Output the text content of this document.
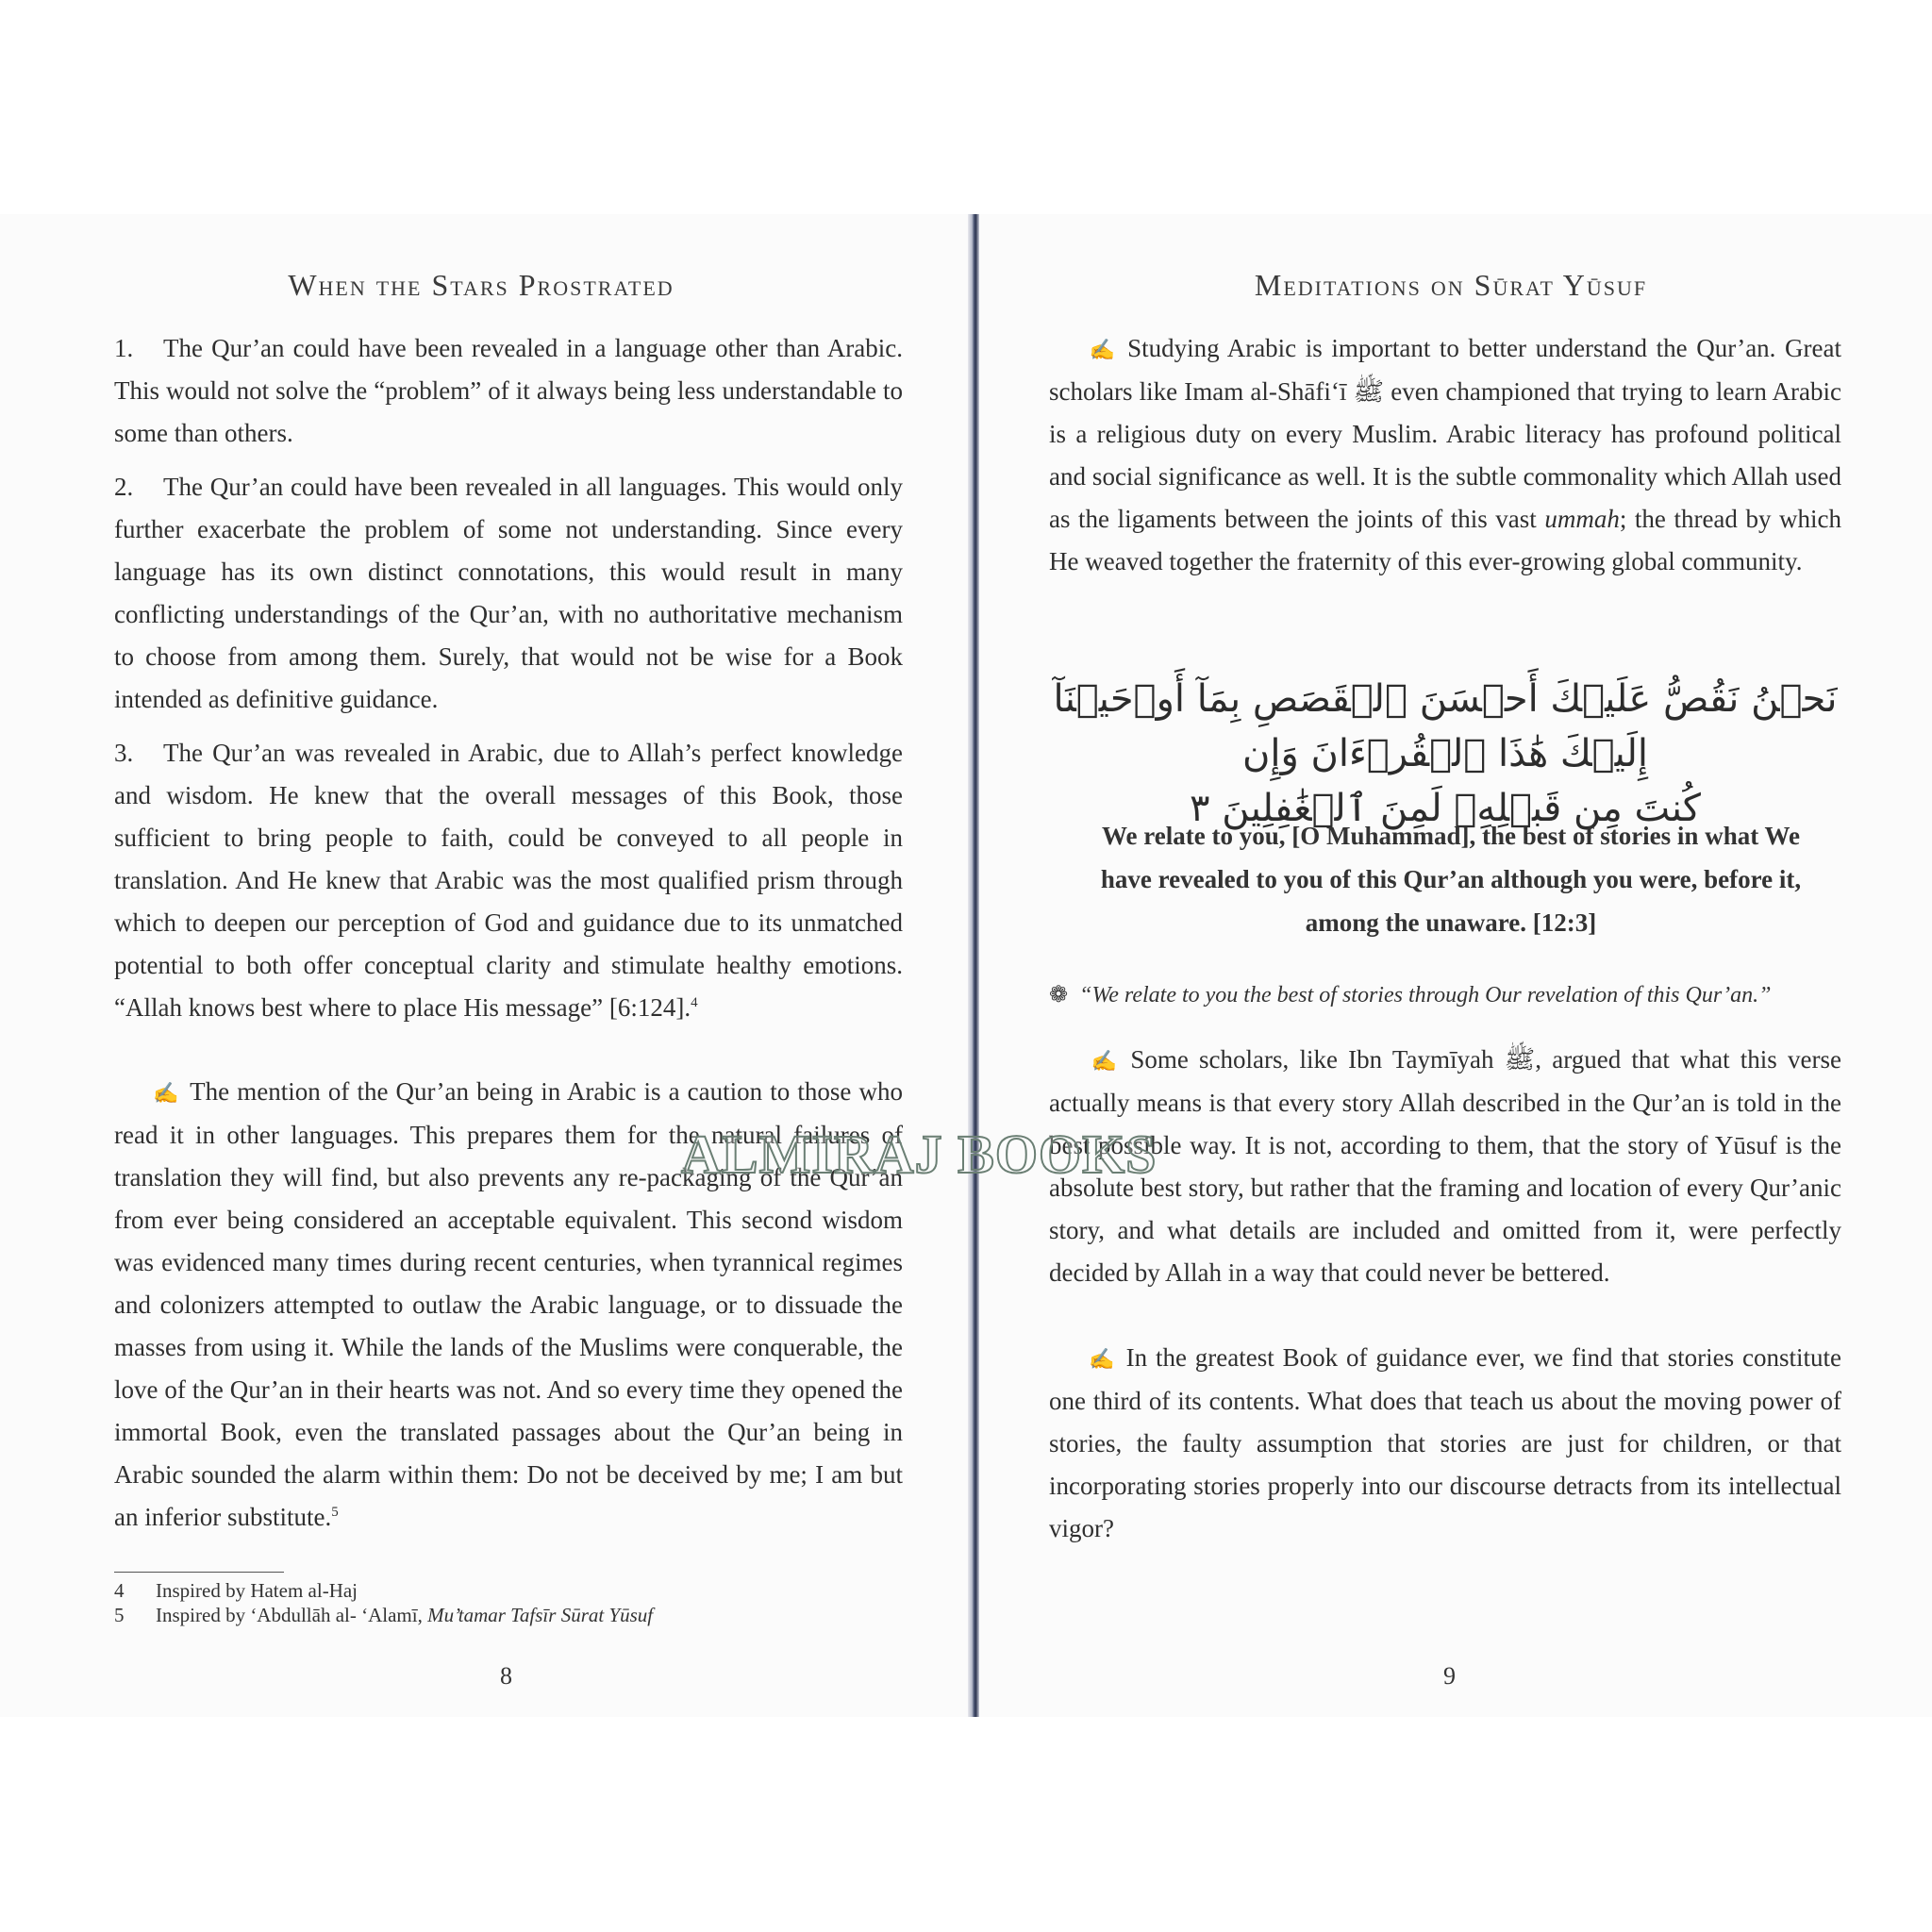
When the Stars Prostrated

1. The Qur’an could have been revealed in a language other than Arabic. This would not solve the “problem” of it always being less understandable to some than others.

2. The Qur’an could have been revealed in all languages. This would only further exacerbate the problem of some not understanding. Since every language has its own distinct connotations, this would result in many conflicting understandings of the Qur’an, with no authoritative mechanism to choose from among them. Surely, that would not be wise for a Book intended as definitive guidance.

3. The Qur’an was revealed in Arabic, due to Allah’s perfect knowledge and wisdom. He knew that the overall messages of this Book, those sufficient to bring people to faith, could be conveyed to all people in translation. And He knew that Arabic was the most qualified prism through which to deepen our perception of God and guidance due to its unmatched potential to both offer conceptual clarity and stimulate healthy emotions. “Allah knows best where to place His message” [6:124].$^4$

✍ The mention of the Qur’an being in Arabic is a caution to those who read it in other languages. This prepares them for the natural failures of translation they will find, but also prevents any re-packaging of the Qur’an from ever being considered an acceptable equivalent. This second wisdom was evidenced many times during recent centuries, when tyrannical regimes and colonizers attempted to outlaw the Arabic language, or to dissuade the masses from using it. While the lands of the Muslims were conquerable, the love of the Qur’an in their hearts was not. And so every time they opened the immortal Book, even the translated passages about the Qur’an being in Arabic sounded the alarm within them: Do not be deceived by me; I am but an inferior substitute.$^5$

4 Inspired by Hatem al-Haj
5 Inspired by ‘Abdullāh al- ‘Alamī, Mu’tamar Tafsīr Sūrat Yūsuf
8
Meditations on Sūrat Yūsuf

✍ Studying Arabic is important to better understand the Qur’an. Great scholars like Imam al-Shāfi‘ī ﷺ even championed that trying to learn Arabic is a religious duty on every Muslim. Arabic literacy has profound political and social significance as well. It is the subtle commonality which Allah used as the ligaments between the joints of this vast ummah; the thread by which He weaved together the fraternity of this ever-growing global community.

نَحۡنُ نَقُصُّ عَلَيۡكَ أَحۡسَنَ ٱلۡقَصَصِ بِمَآ أَوۡحَيۡنَآ إِلَيۡكَ هَٰذَا ٱلۡقُرۡءَانَ وَإِن
كُنتَ مِن قَبۡلِهِۦ لَمِنَ ٱلۡغَٰفِلِينَ ٣
We relate to you, [O Muhammad], the best of stories in what We have revealed to you of this Qur’an although you were, before it, among the unaware. [12:3]
❁ “We relate to you the best of stories through Our revelation of this Qur’an.”

✍ Some scholars, like Ibn Taymīyah ﷺ, argued that what this verse actually means is that every story Allah described in the Qur’an is told in the best possible way. It is not, according to them, that the story of Yūsuf is the absolute best story, but rather that the framing and location of every Qur’anic story, and what details are included and omitted from it, were perfectly decided by Allah in a way that could never be bettered.

✍ In the greatest Book of guidance ever, we find that stories constitute one third of its contents. What does that teach us about the moving power of stories, the faulty assumption that stories are just for children, or that incorporating stories properly into our discourse detracts from its intellectual vigor?

9
ALMIRAJ BOOKS
